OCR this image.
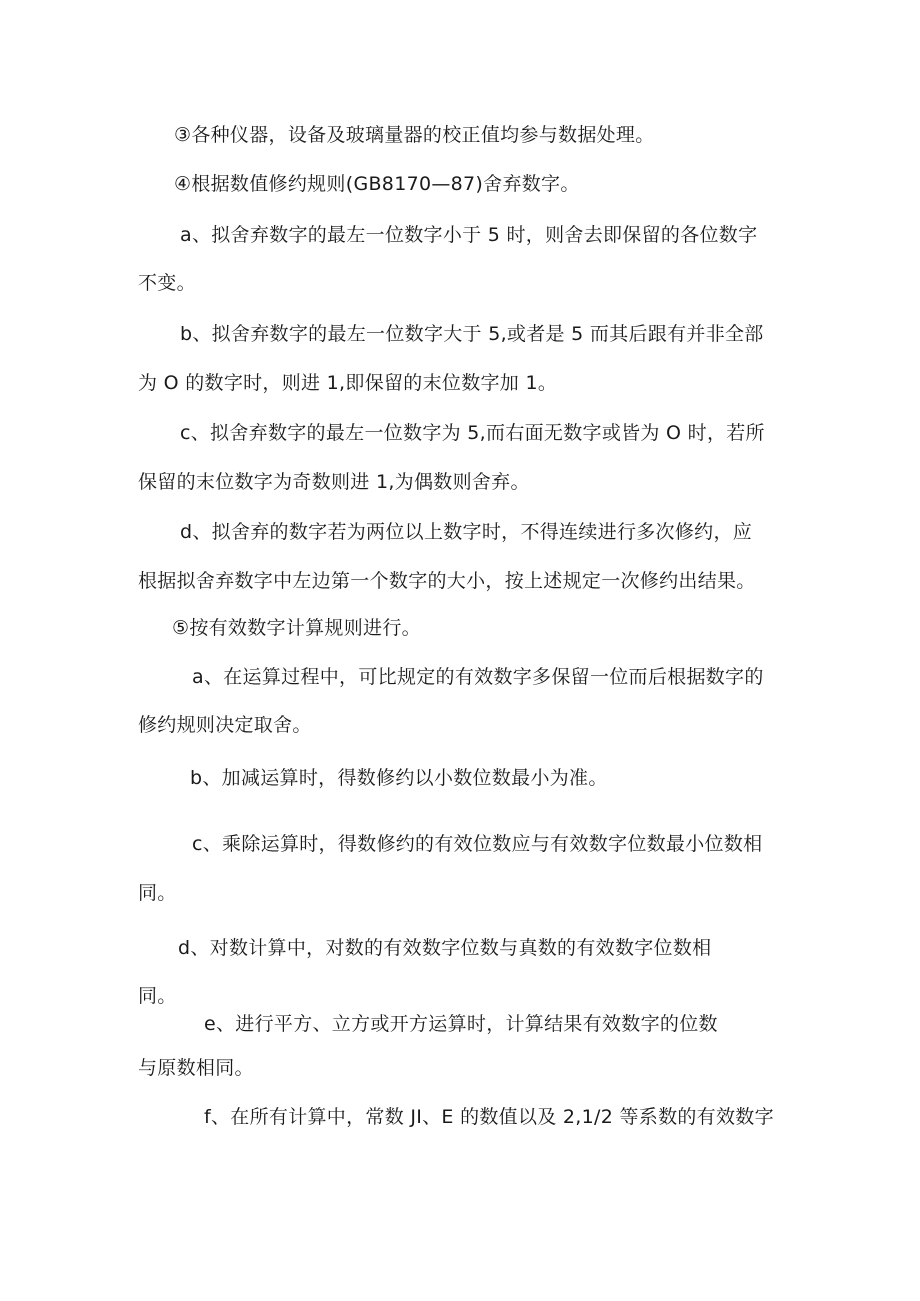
③各种仪器，设备及玻璃量器的校正值均参与数据处理。
④根据数值修约规则(GB8170—87)舍弃数字。
a、拟舍弃数字的最左一位数字小于 5 时，则舍去即保留的各位数字
不变。
b、拟舍弃数字的最左一位数字大于 5,或者是 5 而其后跟有并非全部
为 O 的数字时，则进 1,即保留的末位数字加 1。
c、拟舍弃数字的最左一位数字为 5,而右面无数字或皆为 O 时，若所
保留的末位数字为奇数则进 1,为偶数则舍弃。
d、拟舍弃的数字若为两位以上数字时，不得连续进行多次修约，应
根据拟舍弃数字中左边第一个数字的大小，按上述规定一次修约出结果。
⑤按有效数字计算规则进行。
a、在运算过程中，可比规定的有效数字多保留一位而后根据数字的
修约规则决定取舍。
b、加减运算时，得数修约以小数位数最小为准。
c、乘除运算时，得数修约的有效位数应与有效数字位数最小位数相
同。
d、对数计算中，对数的有效数字位数与真数的有效数字位数相
同。
e、进行平方、立方或开方运算时，计算结果有效数字的位数
与原数相同。
f、在所有计算中，常数 JI、E 的数值以及 2,1/2 等系数的有效数字
